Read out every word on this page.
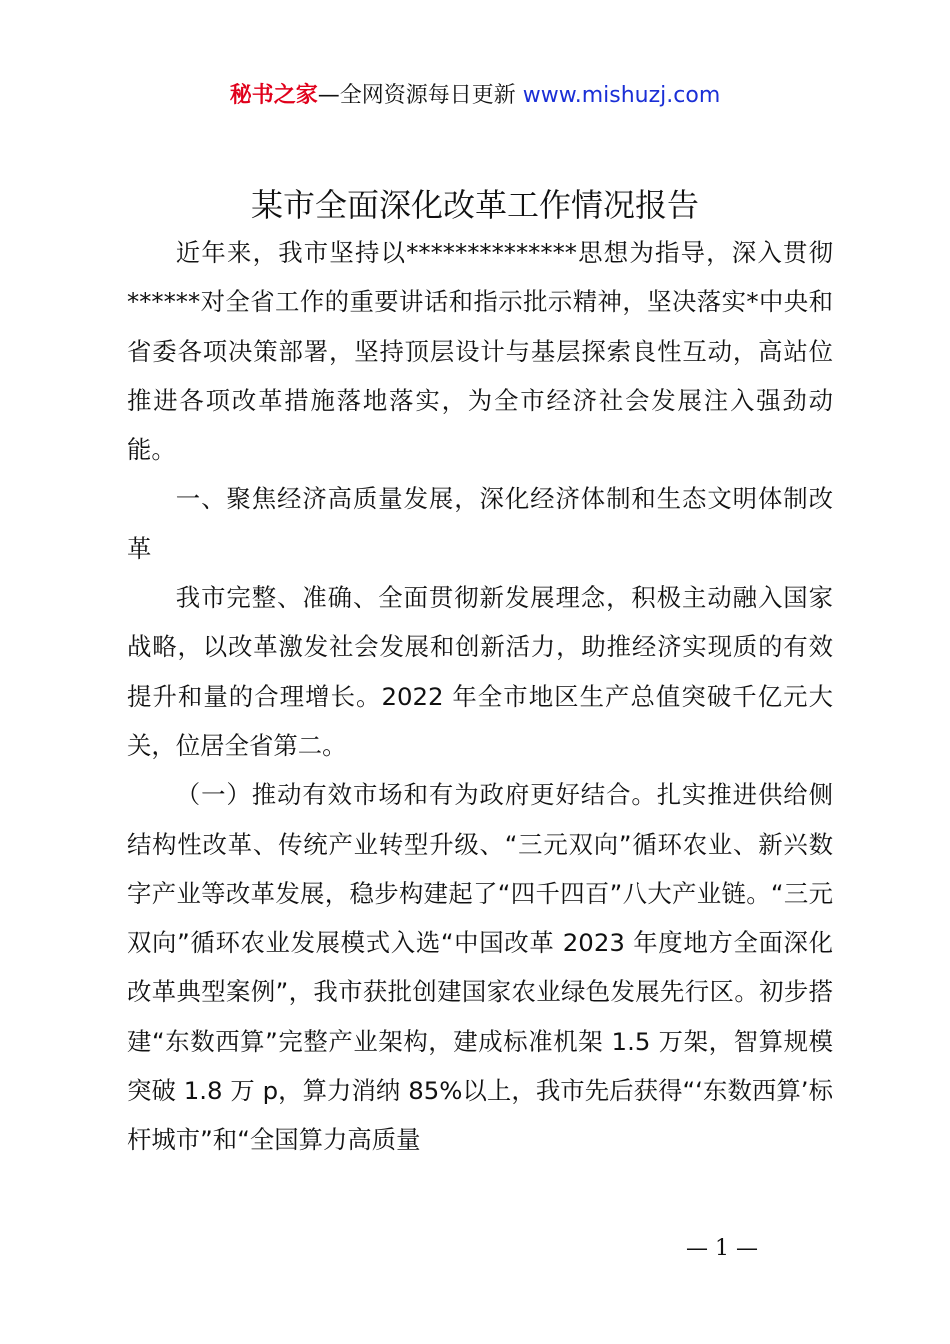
秘书之家—全网资源每日更新 www.mishuzj.com
某市全面深化改革工作情况报告

近年来，我市坚持以**************思想为指导，深入贯彻******对全省工作的重要讲话和指示批示精神，坚决落实*中央和省委各项决策部署，坚持顶层设计与基层探索良性互动，高站位推进各项改革措施落地落实，为全市经济社会发展注入强劲动能。

一、聚焦经济高质量发展，深化经济体制和生态文明体制改革

我市完整、准确、全面贯彻新发展理念，积极主动融入国家战略，以改革激发社会发展和创新活力，助推经济实现质的有效提升和量的合理增长。2022 年全市地区生产总值突破千亿元大关，位居全省第二。

（一）推动有效市场和有为政府更好结合。扎实推进供给侧结构性改革、传统产业转型升级、“三元双向”循环农业、新兴数字产业等改革发展，稳步构建起了“四千四百”八大产业链。“三元双向”循环农业发展模式入选“中国改革 2023 年度地方全面深化改革典型案例”，我市获批创建国家农业绿色发展先行区。初步搭建“东数西算”完整产业架构，建成标准机架 1.5 万架，智算规模突破 1.8 万 p，算力消纳 85%以上，我市先后获得“‘东数西算’标杆城市”和“全国算力高质量

— 1 —
